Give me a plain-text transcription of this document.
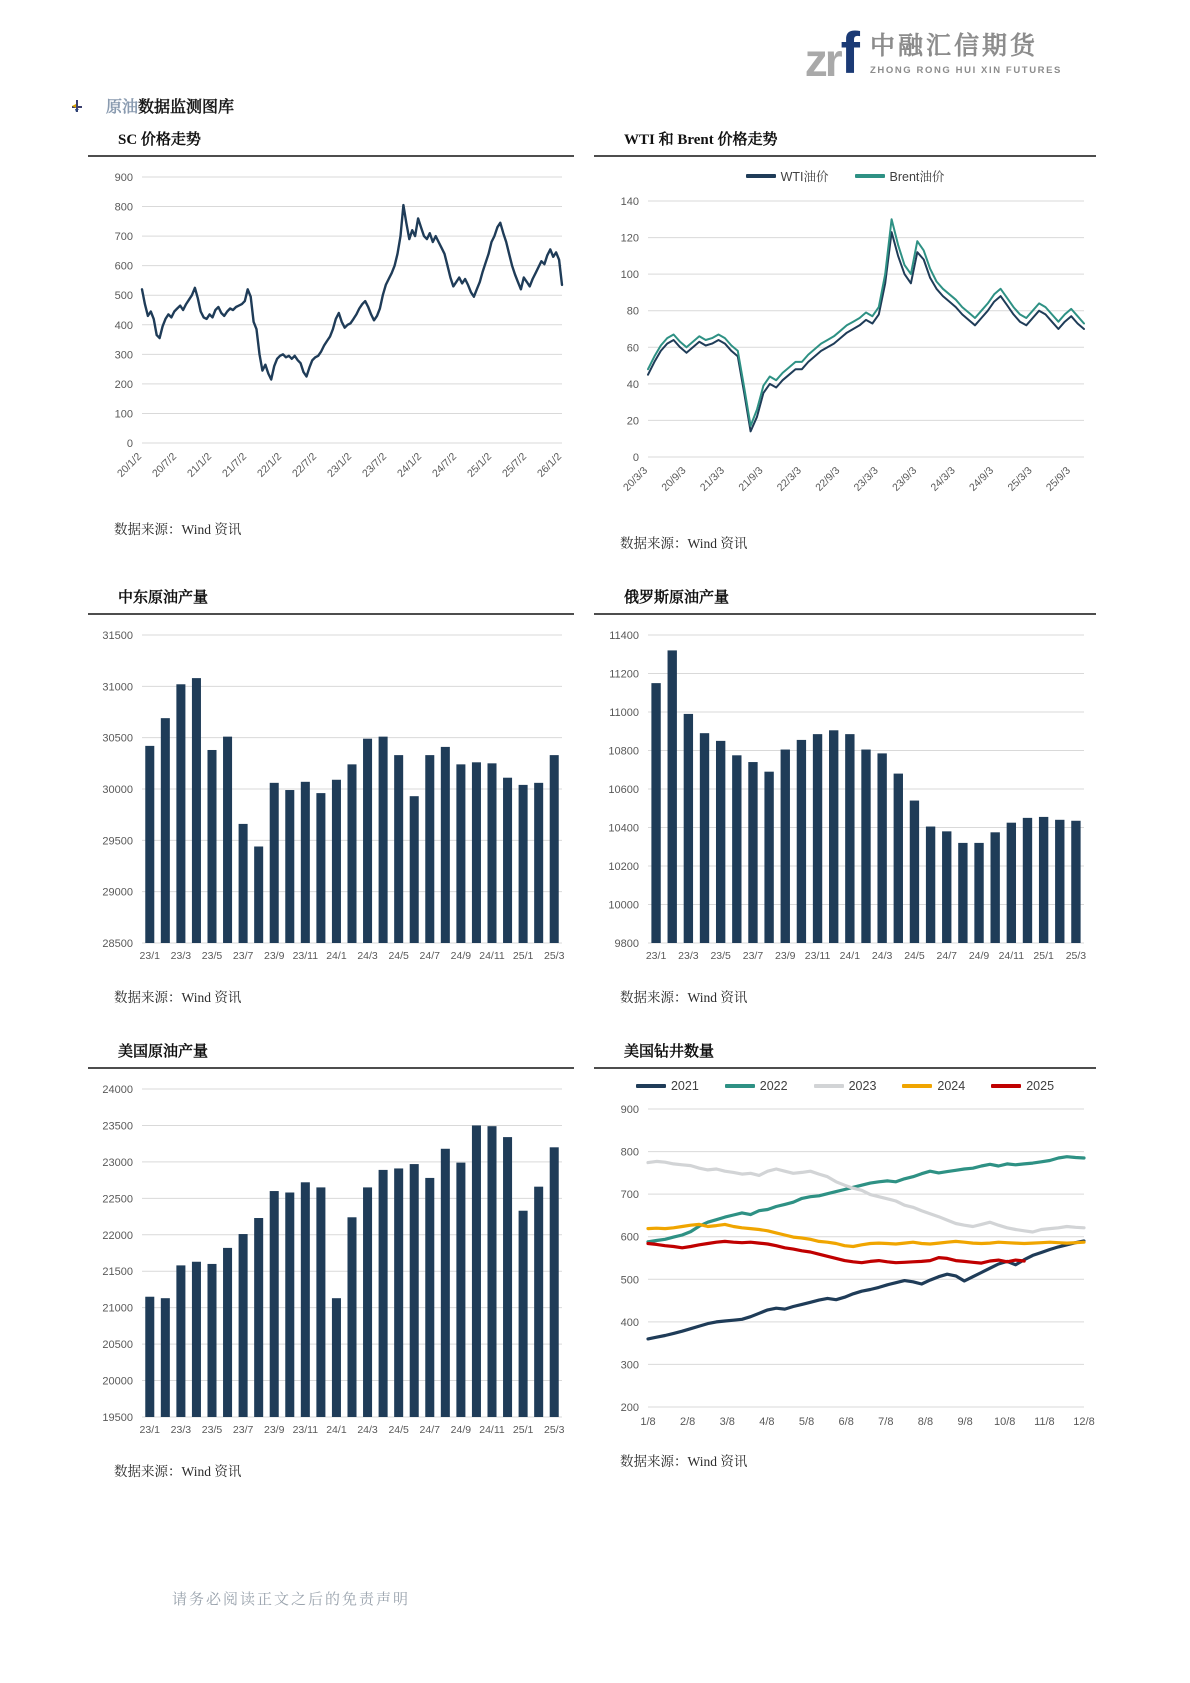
zr f 中融汇信期货
ZHONG RONG HUI XIN FUTURES
原油数据监测图库
SC 价格走势
0
100
200
300
400
500
600
700
800
900
20/1/2 20/7/2 21/1/2 21/7/2 22/1/2 22/7/2 23/1/2 23/7/2 24/1/2 24/7/2 25/1/2 25/7/2 26/1/2
数据来源：Wind 资讯
WTI 和 Brent 价格走势
WTI油价	Brent油价
0
20
40
60
80
100
120
140
20/3/3 20/9/3 21/3/3 21/9/3 22/3/3 22/9/3 23/3/3 23/9/3 24/3/3 24/9/3 25/3/3 25/9/3
数据来源：Wind 资讯
中东原油产量
28500
29000
29500
30000
30500
31000
31500
23/1 23/3 23/5 23/7 23/9 23/11 24/1 24/3 24/5 24/7 24/9 24/11 25/1 25/3
数据来源：Wind 资讯
俄罗斯原油产量
9800
10000
10200
10400
10600
10800
11000
11200
11400
23/1 23/3 23/5 23/7 23/9 23/11 24/1 24/3 24/5 24/7 24/9 24/11 25/1 25/3
数据来源：Wind 资讯
美国原油产量
19500
20000
20500
21000
21500
22000
22500
23000
23500
24000
23/1 23/3 23/5 23/7 23/9 23/11 24/1 24/3 24/5 24/7 24/9 24/11 25/1 25/3
数据来源：Wind 资讯
美国钻井数量
2021	2022	2023	2024	2025
200
300
400
500
600
700
800
900
1/8 2/8 3/8 4/8 5/8 6/8 7/8 8/8 9/8 10/8 11/8 12/8
数据来源：Wind 资讯
请务必阅读正文之后的免责声明
